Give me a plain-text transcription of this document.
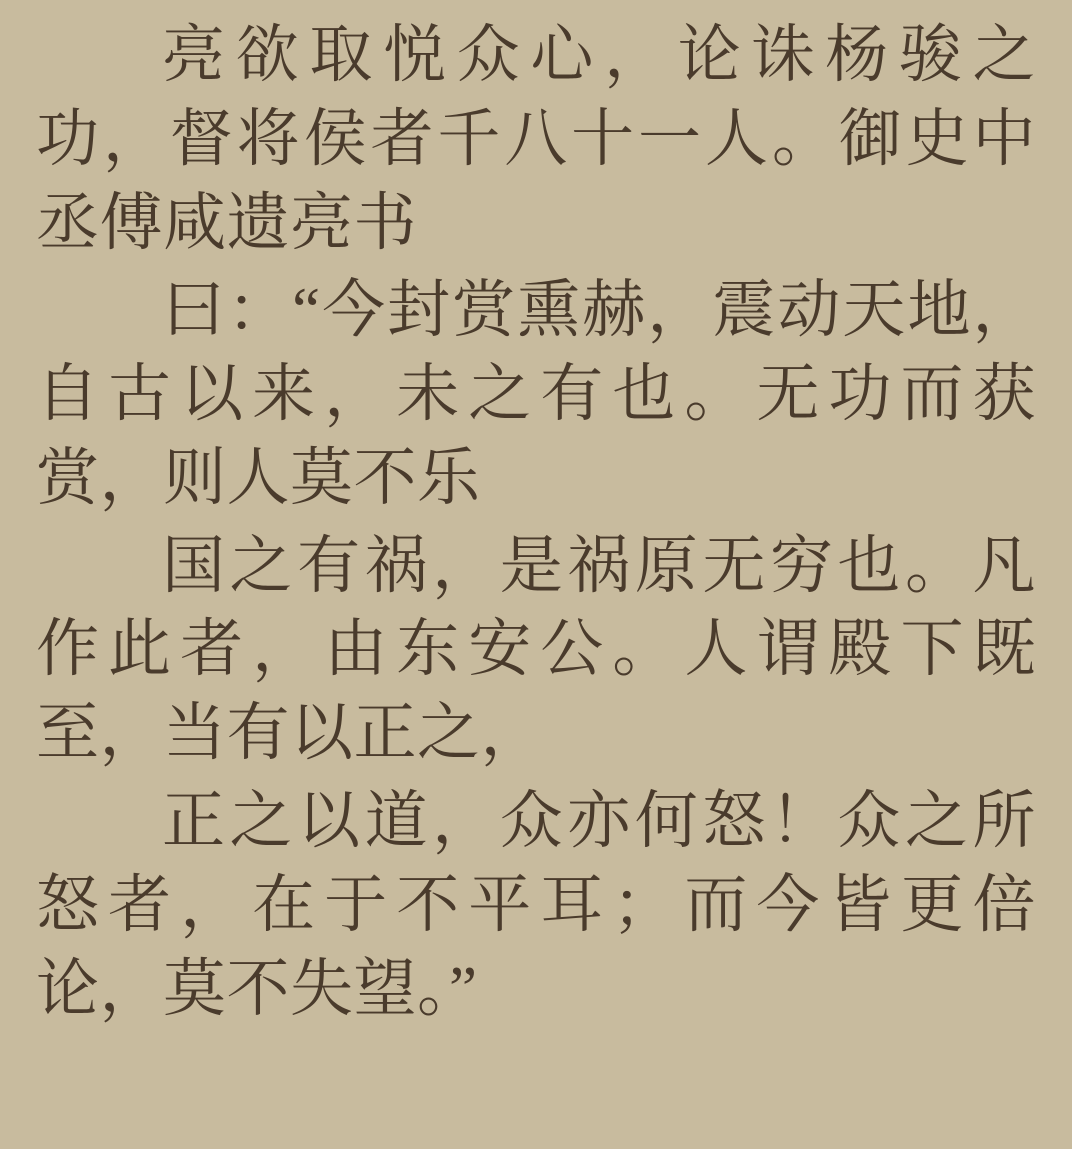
亮欲取悦众心，论诛杨骏之功，督将侯者千八十一人。御史中丞傅咸遗亮书

曰：“今封赏熏赫，震动天地，自古以来，未之有也。无功而获赏，则人莫不乐

国之有祸，是祸原无穷也。凡作此者，由东安公。人谓殿下既至，当有以正之，

正之以道，众亦何怒！众之所怒者，在于不平耳；而今皆更倍论，莫不失望。”
